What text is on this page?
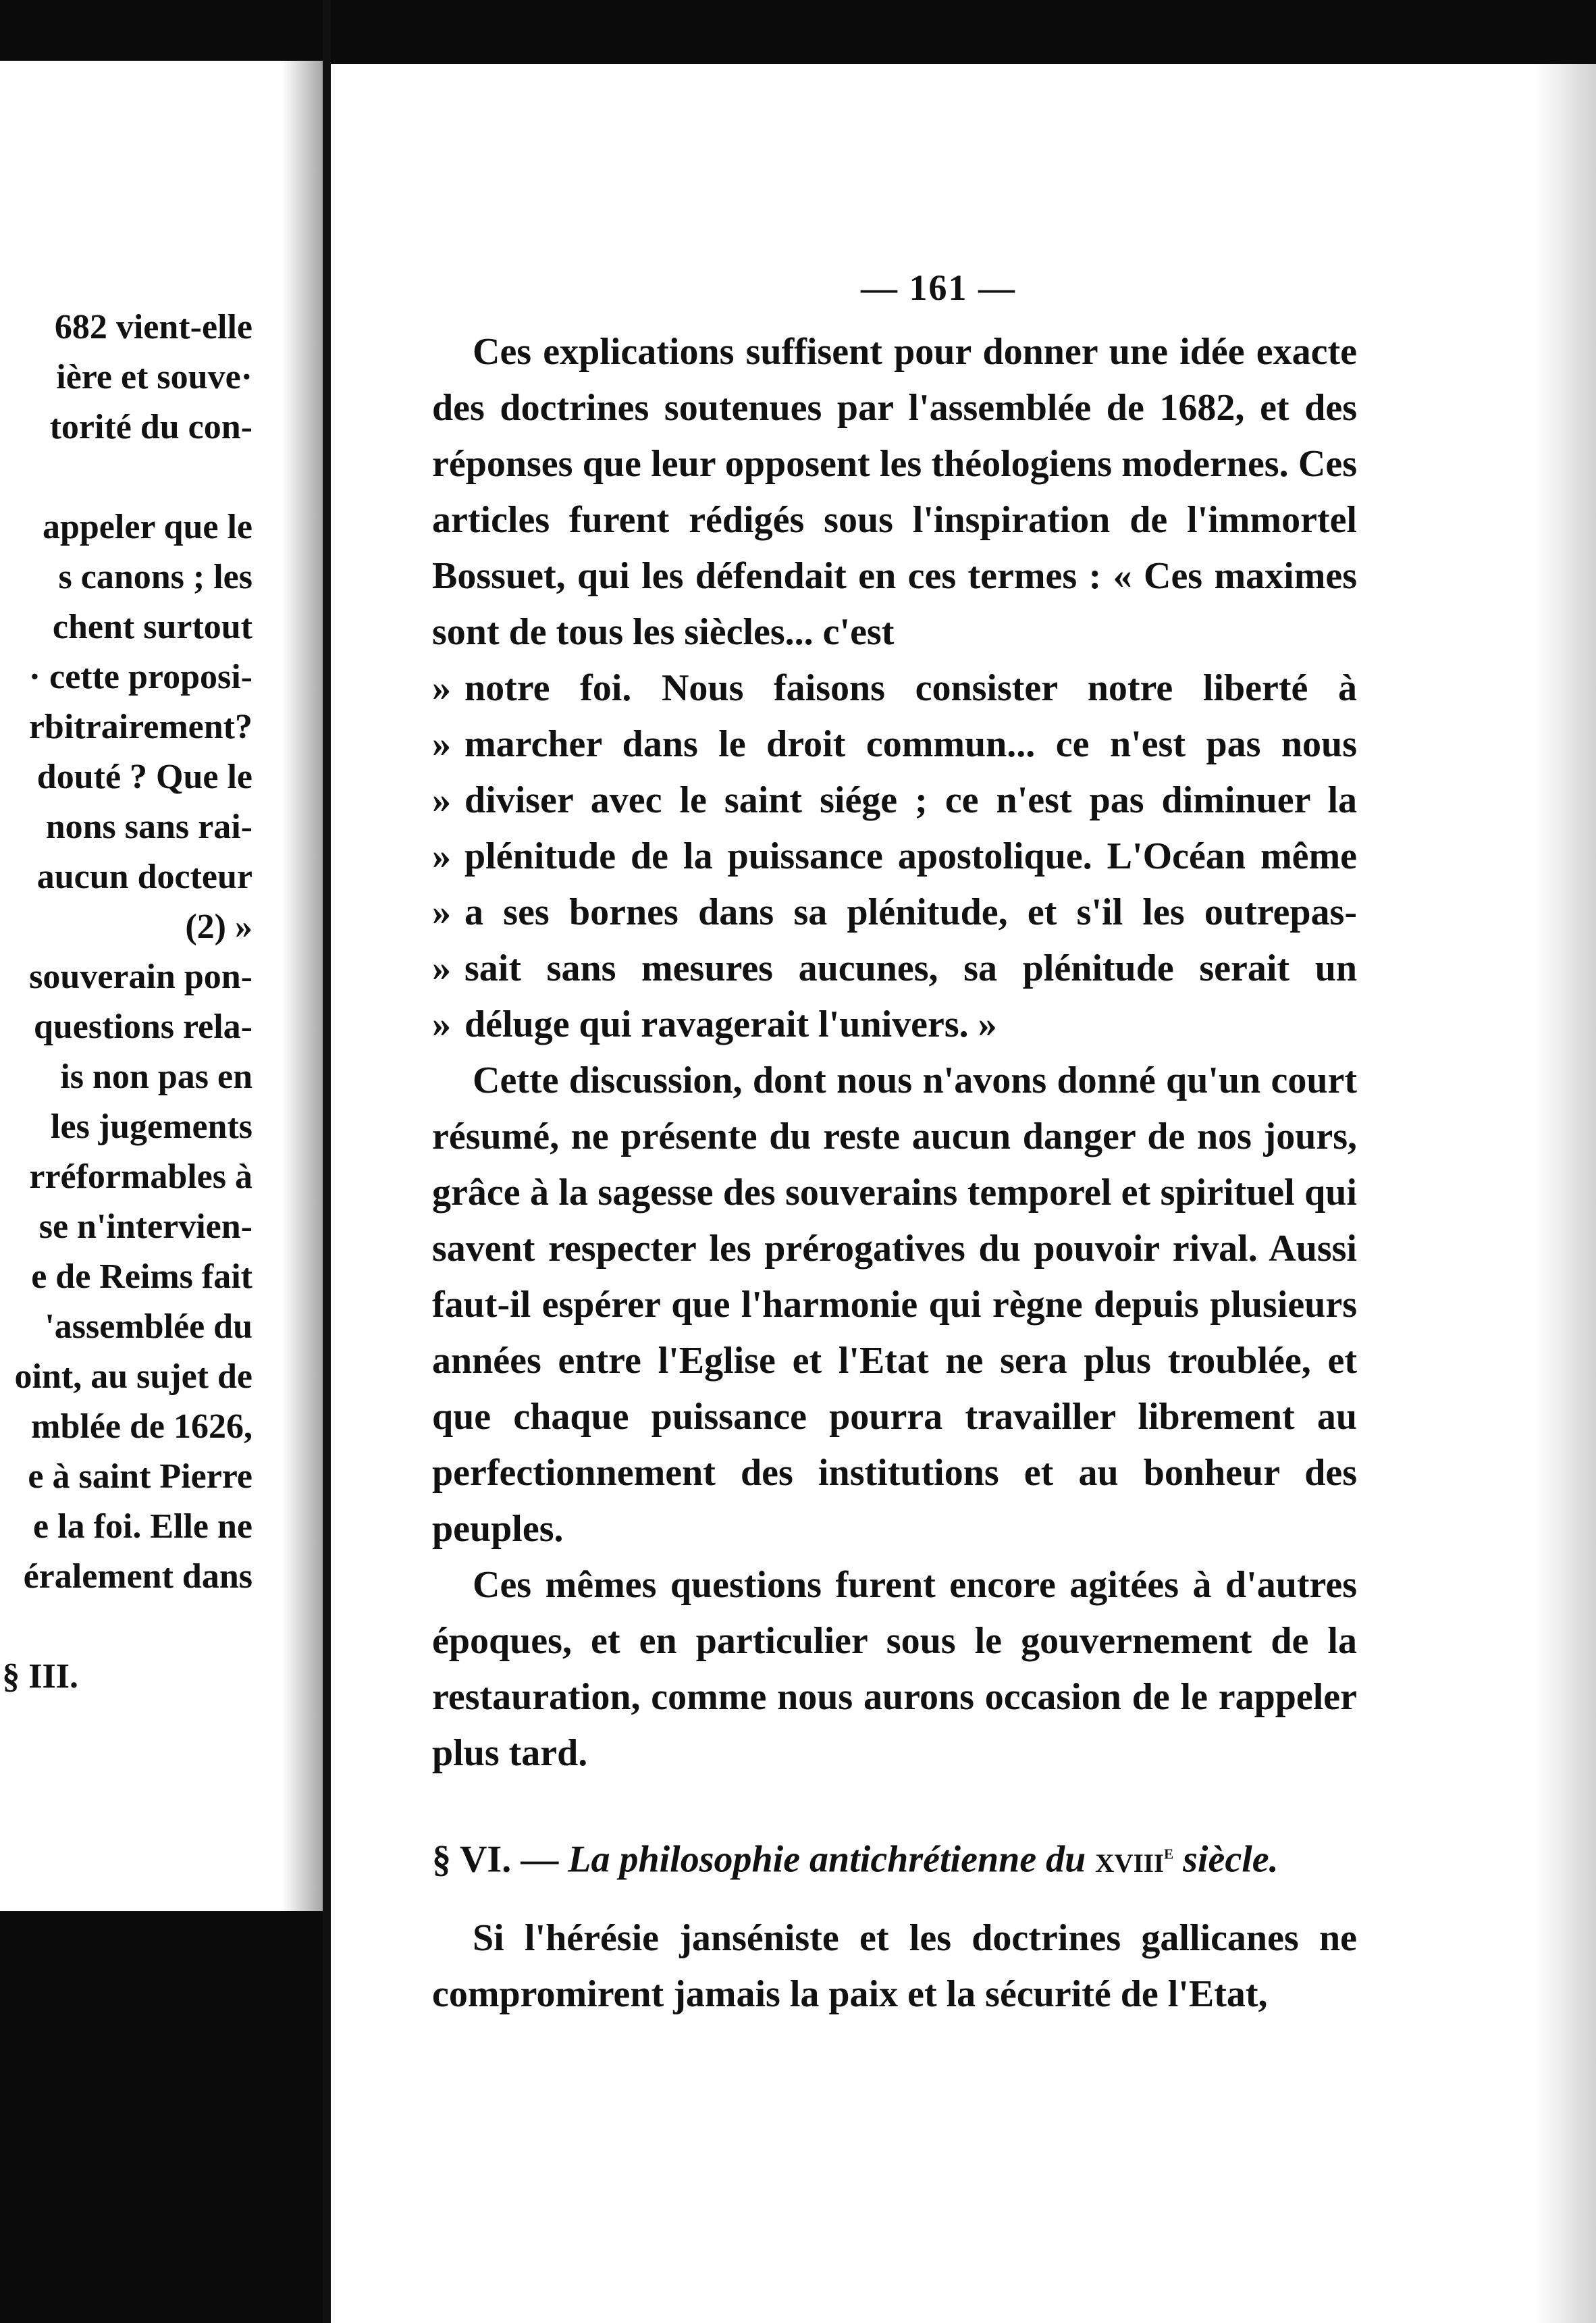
682 vient-elle
ière et souve·
torité du con-
appeler que le
s canons ; les
chent surtout
· cette proposi-
rbitrairement?
douté ? Que le
nons sans rai-
aucun docteur
(2) »
souverain pon-
questions rela-
is non pas en
les jugements
rréformables à
se n'intervien-
e de Reims fait
'assemblée du
oint, au sujet de
mblée de 1626,
e à saint Pierre
e la foi. Elle ne
éralement dans
§ III.
— 161 —

Ces explications suffisent pour donner une idée exacte des doctrines soutenues par l'assemblée de 1682, et des réponses que leur opposent les théologiens modernes. Ces articles furent rédigés sous l'inspiration de l'immortel Bossuet, qui les défendait en ces termes : « Ces maximes sont de tous les siècles... c'est

» notre foi. Nous faisons consister notre liberté à

» marcher dans le droit commun... ce n'est pas nous

» diviser avec le saint siége ; ce n'est pas diminuer la

» plénitude de la puissance apostolique. L'Océan même

» a ses bornes dans sa plénitude, et s'il les outrepas-

» sait sans mesures aucunes, sa plénitude serait un

» déluge qui ravagerait l'univers. »

Cette discussion, dont nous n'avons donné qu'un court résumé, ne présente du reste aucun danger de nos jours, grâce à la sagesse des souverains temporel et spirituel qui savent respecter les prérogatives du pouvoir rival. Aussi faut-il espérer que l'harmonie qui règne depuis plusieurs années entre l'Eglise et l'Etat ne sera plus troublée, et que chaque puissance pourra travailler librement au perfectionnement des institutions et au bonheur des peuples.

Ces mêmes questions furent encore agitées à d'autres époques, et en particulier sous le gouvernement de la restauration, comme nous aurons occasion de le rappeler plus tard.

§ VI. — La philosophie antichrétienne du xviii$^e$ siècle.

Si l'hérésie janséniste et les doctrines gallicanes ne compromirent jamais la paix et la sécurité de l'Etat,
